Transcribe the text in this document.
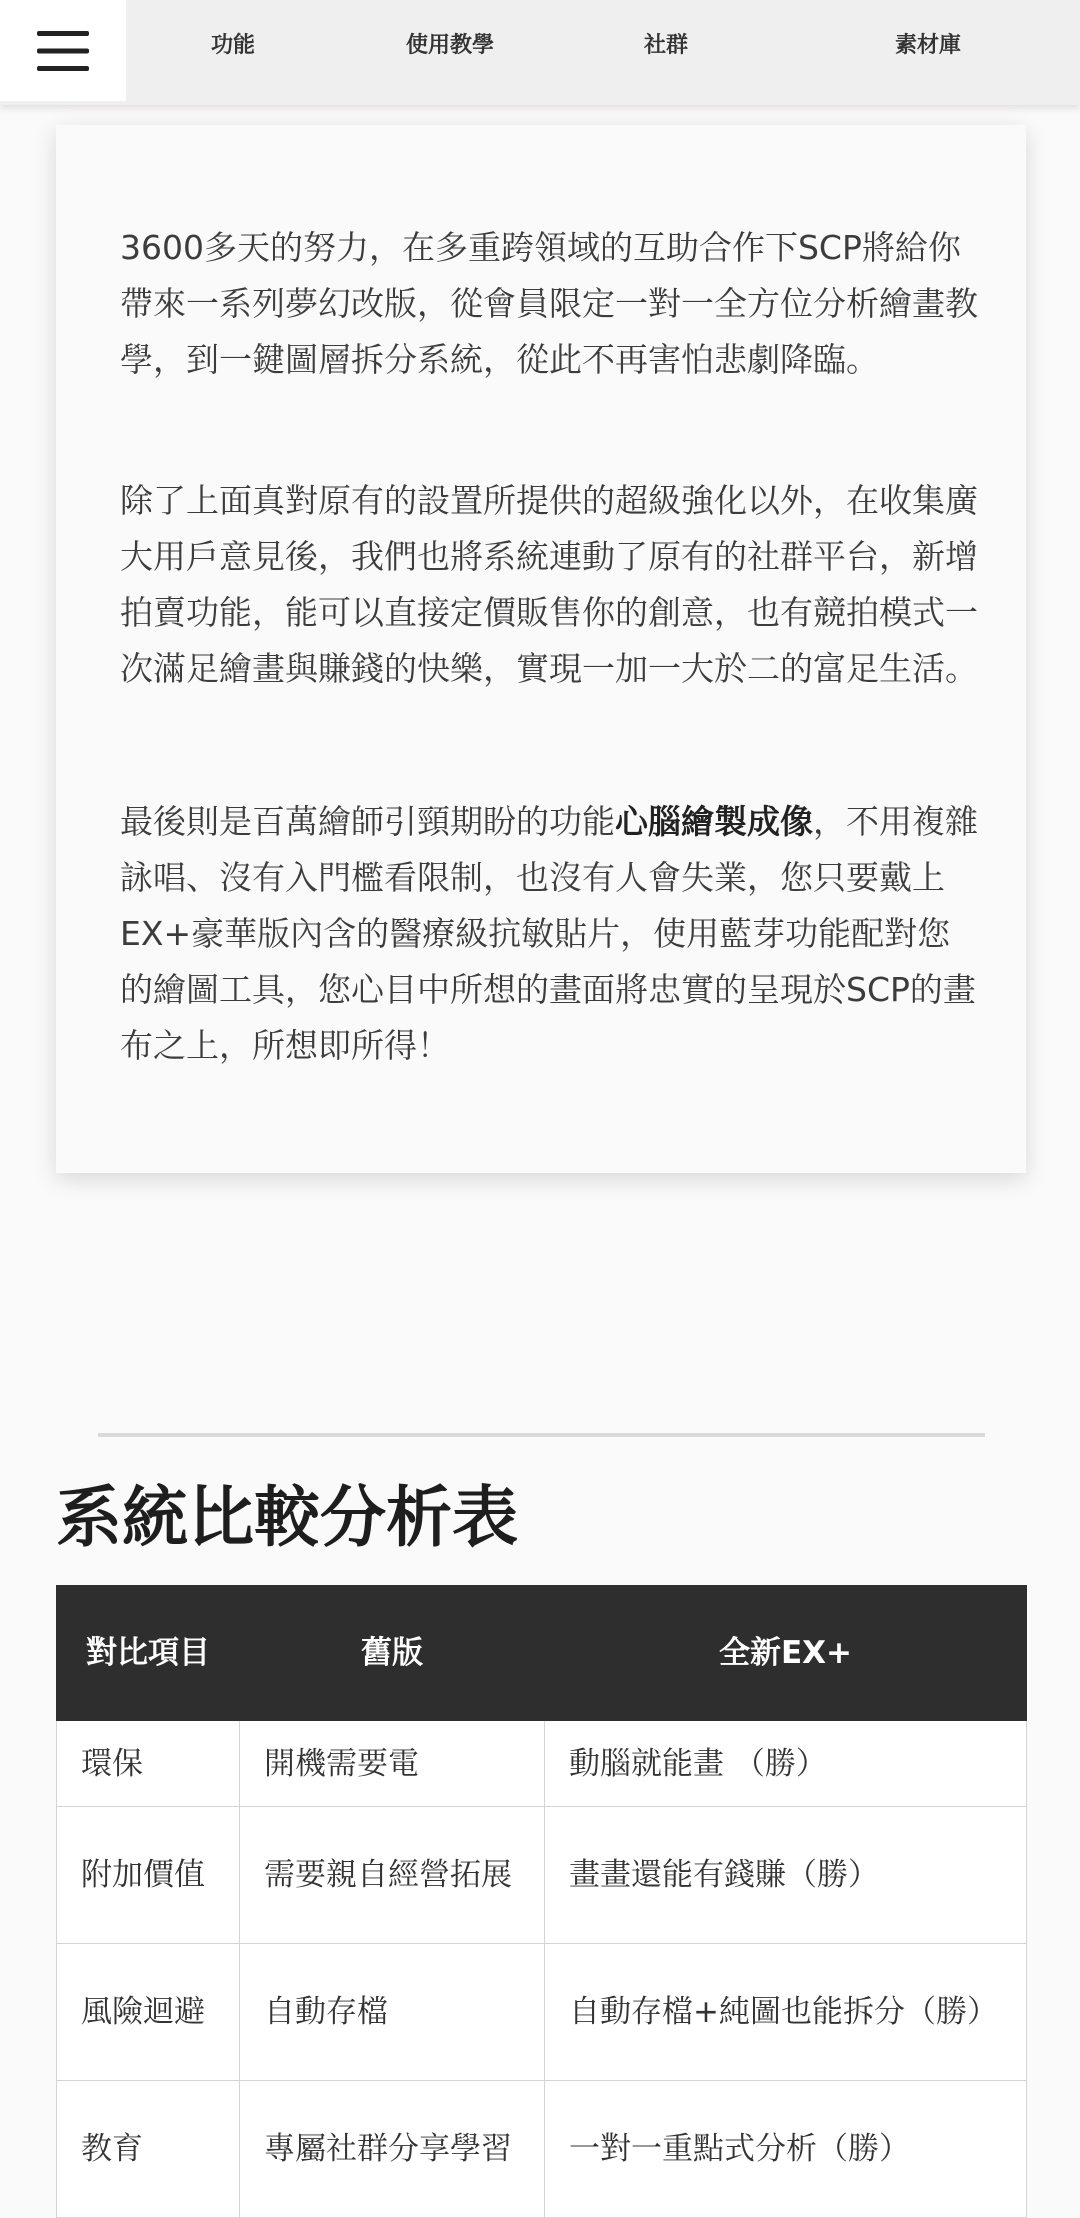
功能	使用教學	社群	素材庫

3600多天的努力，在多重跨領域的互助合作下SCP將給你帶來一系列夢幻改版，從會員限定一對一全方位分析繪畫教學，到一鍵圖層拆分系統，從此不再害怕悲劇降臨。

除了上面真對原有的設置所提供的超級強化以外，在收集廣大用戶意見後，我們也將系統連動了原有的社群平台，新增拍賣功能，能可以直接定價販售你的創意，也有競拍模式一次滿足繪畫與賺錢的快樂，實現一加一大於二的富足生活。

最後則是百萬繪師引頸期盼的功能心腦繪製成像，不用複雜詠唱、沒有入門檻看限制，也沒有人會失業，您只要戴上EX+豪華版內含的醫療級抗敏貼片，使用藍芽功能配對您的繪圖工具，您心目中所想的畫面將忠實的呈現於SCP的畫布之上，所想即所得！

系統比較分析表
對比項目	舊版	全新EX+
環保	開機需要電	動腦就能畫 （勝）
附加價值	需要親自經營拓展	畫畫還能有錢賺（勝）
風險迴避	自動存檔	自動存檔+純圖也能拆分（勝）
教育	專屬社群分享學習	一對一重點式分析（勝）
